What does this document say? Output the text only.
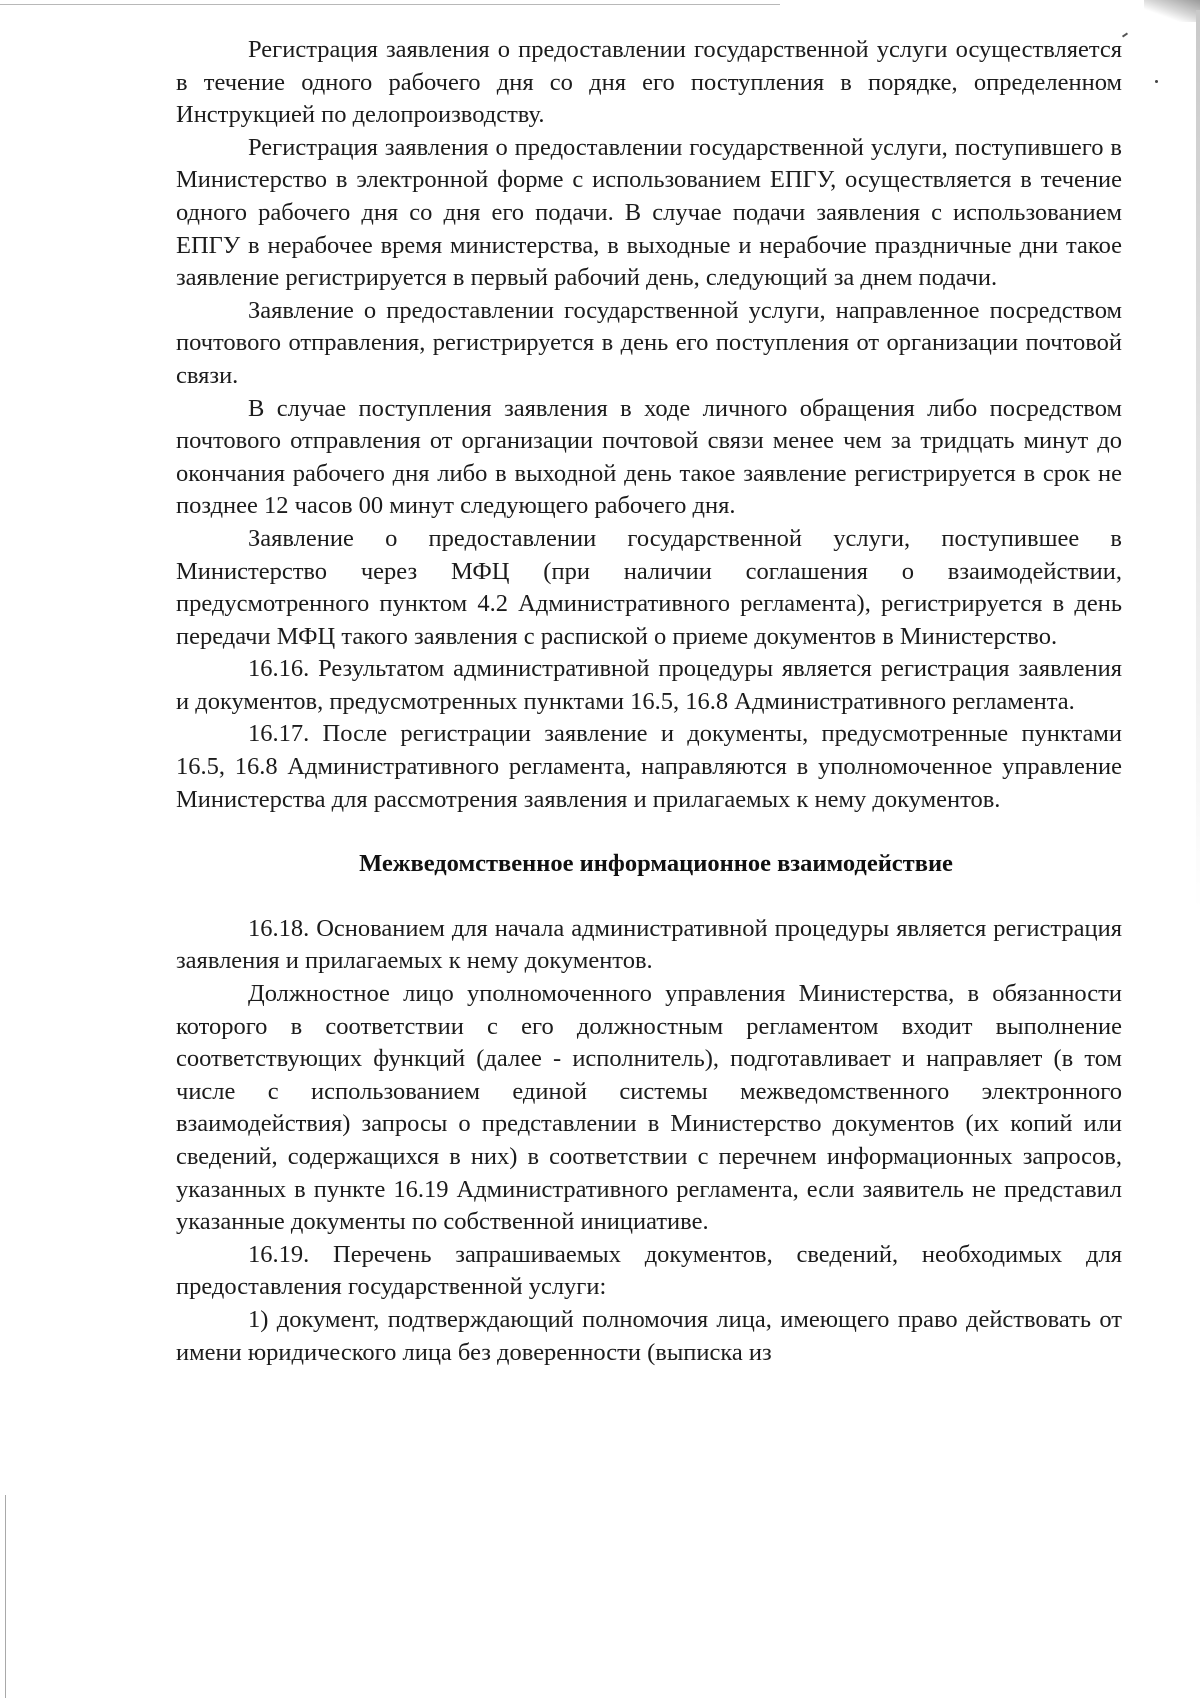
Регистрация заявления о предоставлении государственной услуги осуществляется в течение одного рабочего дня со дня его поступления в порядке, определенном Инструкцией по делопроизводству.

Регистрация заявления о предоставлении государственной услуги, поступившего в Министерство в электронной форме с использованием ЕПГУ, осуществляется в течение одного рабочего дня со дня его подачи. В случае подачи заявления с использованием ЕПГУ в нерабочее время министерства, в выходные и нерабочие праздничные дни такое заявление регистрируется в первый рабочий день, следующий за днем подачи.

Заявление о предоставлении государственной услуги, направленное посредством почтового отправления, регистрируется в день его поступления от организации почтовой связи.

В случае поступления заявления в ходе личного обращения либо посредством почтового отправления от организации почтовой связи менее чем за тридцать минут до окончания рабочего дня либо в выходной день такое заявление регистрируется в срок не позднее 12 часов 00 минут следующего рабочего дня.

Заявление о предоставлении государственной услуги, поступившее в Министерство через МФЦ (при наличии соглашения о взаимодействии, предусмотренного пунктом 4.2 Административного регламента), регистрируется в день передачи МФЦ такого заявления с распиской о приеме документов в Министерство.

16.16. Результатом административной процедуры является регистрация заявления и документов, предусмотренных пунктами 16.5, 16.8 Административного регламента.

16.17. После регистрации заявление и документы, предусмотренные пунктами 16.5, 16.8 Административного регламента, направляются в уполномоченное управление Министерства для рассмотрения заявления и прилагаемых к нему документов.

Межведомственное информационное взаимодействие

16.18. Основанием для начала административной процедуры является регистрация заявления и прилагаемых к нему документов.

Должностное лицо уполномоченного управления Министерства, в обязанности которого в соответствии с его должностным регламентом входит выполнение соответствующих функций (далее - исполнитель), подготавливает и направляет (в том числе с использованием единой системы межведомственного электронного взаимодействия) запросы о представлении в Министерство документов (их копий или сведений, содержащихся в них) в соответствии с перечнем информационных запросов, указанных в пункте 16.19 Административного регламента, если заявитель не представил указанные документы по собственной инициативе.

16.19. Перечень запрашиваемых документов, сведений, необходимых для предоставления государственной услуги:

1) документ, подтверждающий полномочия лица, имеющего право действовать от имени юридического лица без доверенности (выписка из
